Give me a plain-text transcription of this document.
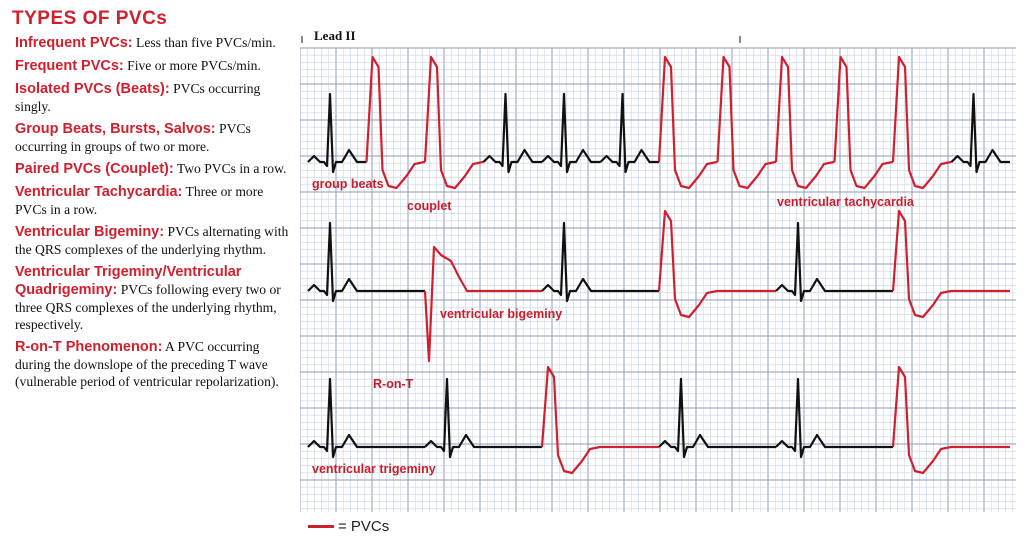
TYPES OF PVCs
Infrequent PVCs: Less than five PVCs/min.
Frequent PVCs: Five or more PVCs/min.
Isolated PVCs (Beats): PVCs occurring singly.
Group Beats, Bursts, Salvos: PVCs occurring in groups of two or more.
Paired PVCs (Couplet): Two PVCs in a row.
Ventricular Tachycardia: Three or more PVCs in a row.
Ventricular Bigeminy: PVCs alternating with the QRS complexes of the underlying rhythm.
Ventricular Trigeminy/Ventricular Quadrigeminy: PVCs following every two or three QRS complexes of the underlying rhythm, respectively.
R-on-T Phenomenon: A PVC occurring during the downslope of the preceding T wave (vulnerable period of ventricular repolarization).
Lead II
group beats
couplet	ventricular tachycardia
ventricular bigeminy
R-on-T
ventricular trigeminy
= PVCs
